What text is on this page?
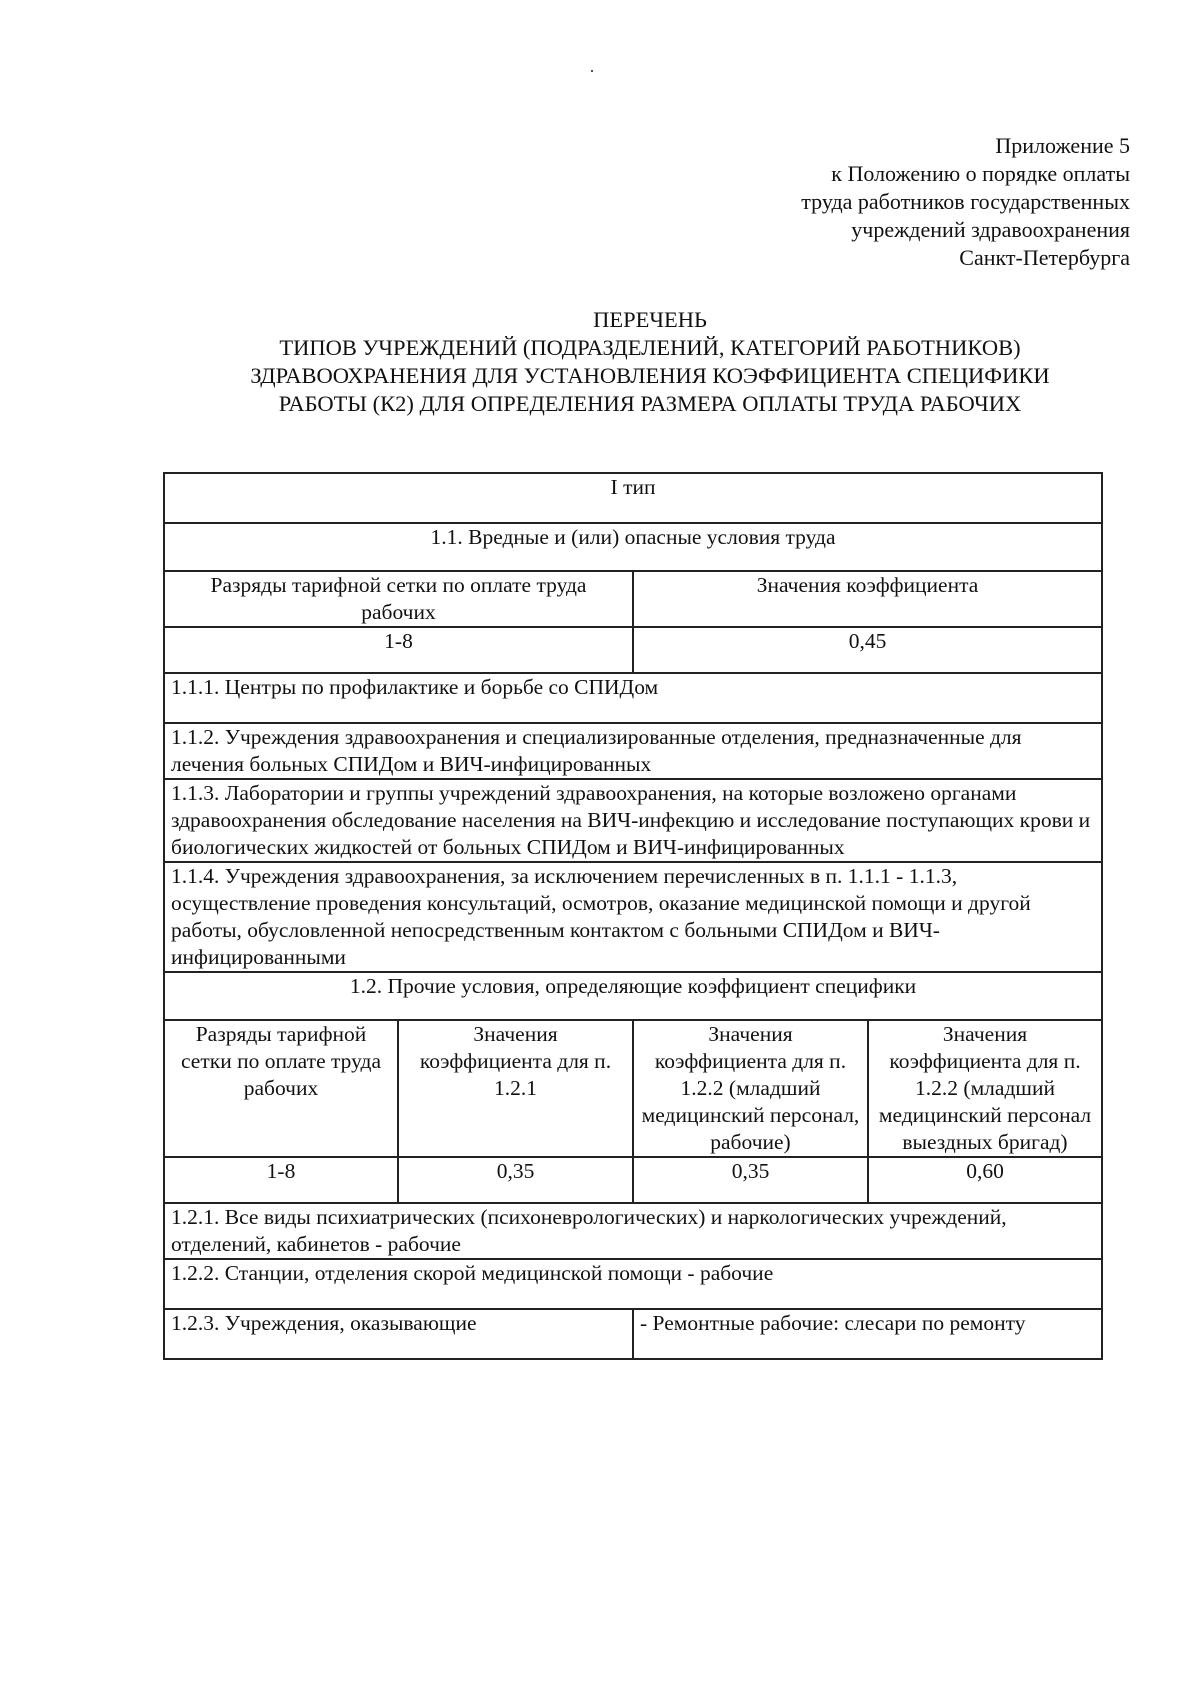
Приложение 5
к Положению о порядке оплаты
труда работников государственных
учреждений здравоохранения
Санкт-Петербурга
ПЕРЕЧЕНЬ
ТИПОВ УЧРЕЖДЕНИЙ (ПОДРАЗДЕЛЕНИЙ, КАТЕГОРИЙ РАБОТНИКОВ)
ЗДРАВООХРАНЕНИЯ ДЛЯ УСТАНОВЛЕНИЯ КОЭФФИЦИЕНТА СПЕЦИФИКИ
РАБОТЫ (К2) ДЛЯ ОПРЕДЕЛЕНИЯ РАЗМЕРА ОПЛАТЫ ТРУДА РАБОЧИХ
I тип			
1.1. Вредные и (или) опасные условия труда			
Разряды тарифной сетки по оплате труда рабочих		Значения коэффициента	
1-8		0,45	
1.1.1. Центры по профилактике и борьбе со СПИДом			
1.1.2. Учреждения здравоохранения и специализированные отделения, предназначенные для лечения больных СПИДом и ВИЧ-инфицированных			
1.1.3. Лаборатории и группы учреждений здравоохранения, на которые возложено органами здравоохранения обследование населения на ВИЧ-инфекцию и исследование поступающих крови и биологических жидкостей от больных СПИДом и ВИЧ-инфицированных			
1.1.4. Учреждения здравоохранения, за исключением перечисленных в п. 1.1.1 - 1.1.3, осуществление проведения консультаций, осмотров, оказание медицинской помощи и другой работы, обусловленной непосредственным контактом с больными СПИДом и ВИЧ-инфицированными			
1.2. Прочие условия, определяющие коэффициент специфики			
Разряды тарифной сетки по оплате труда рабочих	Значения коэффициента для п. 1.2.1	Значения коэффициента для п. 1.2.2 (младший медицинский персонал, рабочие)	Значения коэффициента для п. 1.2.2 (младший медицинский персонал выездных бригад)
1-8	0,35	0,35	0,60
1.2.1. Все виды психиатрических (психоневрологических) и наркологических учреждений, отделений, кабинетов - рабочие			
1.2.2. Станции, отделения скорой медицинской помощи - рабочие			
1.2.3. Учреждения, оказывающие		- Ремонтные рабочие: слесари по ремонту	
